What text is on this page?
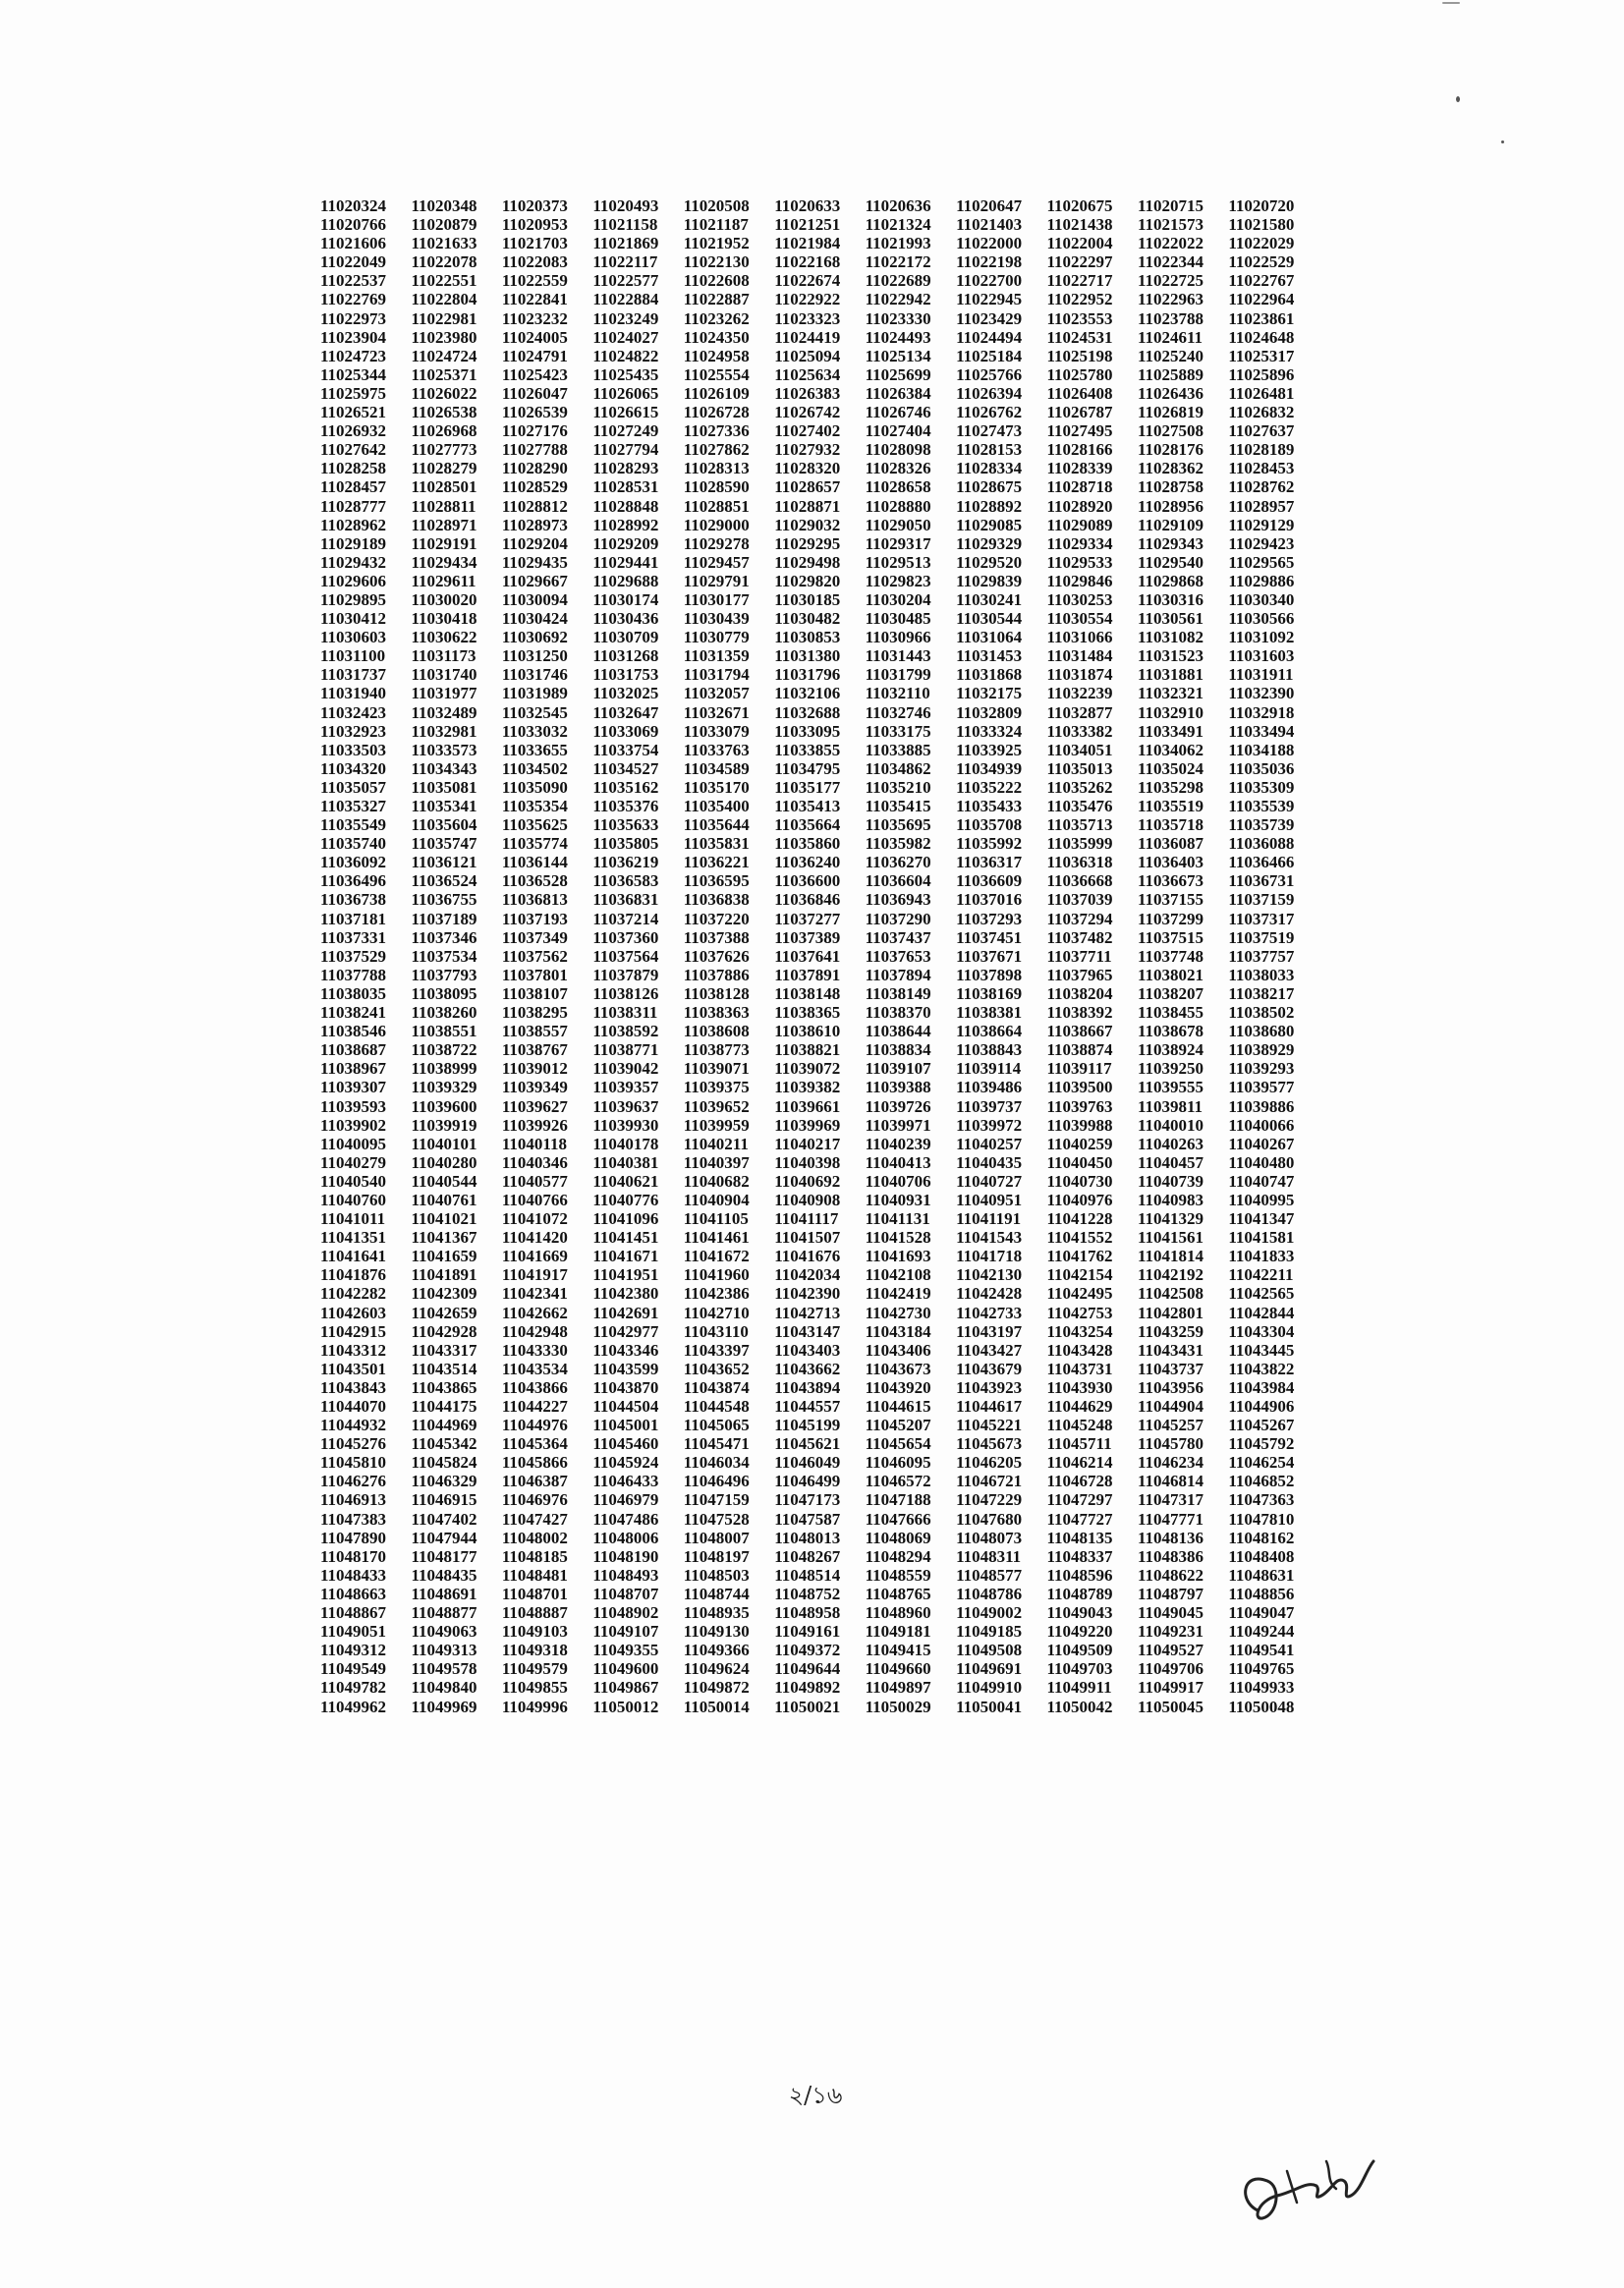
11020324	11020348	11020373	11020493	11020508	11020633	11020636	11020647	11020675	11020715	11020720
11020766	11020879	11020953	11021158	11021187	11021251	11021324	11021403	11021438	11021573	11021580
11021606	11021633	11021703	11021869	11021952	11021984	11021993	11022000	11022004	11022022	11022029
11022049	11022078	11022083	11022117	11022130	11022168	11022172	11022198	11022297	11022344	11022529
11022537	11022551	11022559	11022577	11022608	11022674	11022689	11022700	11022717	11022725	11022767
11022769	11022804	11022841	11022884	11022887	11022922	11022942	11022945	11022952	11022963	11022964
11022973	11022981	11023232	11023249	11023262	11023323	11023330	11023429	11023553	11023788	11023861
11023904	11023980	11024005	11024027	11024350	11024419	11024493	11024494	11024531	11024611	11024648
11024723	11024724	11024791	11024822	11024958	11025094	11025134	11025184	11025198	11025240	11025317
11025344	11025371	11025423	11025435	11025554	11025634	11025699	11025766	11025780	11025889	11025896
11025975	11026022	11026047	11026065	11026109	11026383	11026384	11026394	11026408	11026436	11026481
11026521	11026538	11026539	11026615	11026728	11026742	11026746	11026762	11026787	11026819	11026832
11026932	11026968	11027176	11027249	11027336	11027402	11027404	11027473	11027495	11027508	11027637
11027642	11027773	11027788	11027794	11027862	11027932	11028098	11028153	11028166	11028176	11028189
11028258	11028279	11028290	11028293	11028313	11028320	11028326	11028334	11028339	11028362	11028453
11028457	11028501	11028529	11028531	11028590	11028657	11028658	11028675	11028718	11028758	11028762
11028777	11028811	11028812	11028848	11028851	11028871	11028880	11028892	11028920	11028956	11028957
11028962	11028971	11028973	11028992	11029000	11029032	11029050	11029085	11029089	11029109	11029129
11029189	11029191	11029204	11029209	11029278	11029295	11029317	11029329	11029334	11029343	11029423
11029432	11029434	11029435	11029441	11029457	11029498	11029513	11029520	11029533	11029540	11029565
11029606	11029611	11029667	11029688	11029791	11029820	11029823	11029839	11029846	11029868	11029886
11029895	11030020	11030094	11030174	11030177	11030185	11030204	11030241	11030253	11030316	11030340
11030412	11030418	11030424	11030436	11030439	11030482	11030485	11030544	11030554	11030561	11030566
11030603	11030622	11030692	11030709	11030779	11030853	11030966	11031064	11031066	11031082	11031092
11031100	11031173	11031250	11031268	11031359	11031380	11031443	11031453	11031484	11031523	11031603
11031737	11031740	11031746	11031753	11031794	11031796	11031799	11031868	11031874	11031881	11031911
11031940	11031977	11031989	11032025	11032057	11032106	11032110	11032175	11032239	11032321	11032390
11032423	11032489	11032545	11032647	11032671	11032688	11032746	11032809	11032877	11032910	11032918
11032923	11032981	11033032	11033069	11033079	11033095	11033175	11033324	11033382	11033491	11033494
11033503	11033573	11033655	11033754	11033763	11033855	11033885	11033925	11034051	11034062	11034188
11034320	11034343	11034502	11034527	11034589	11034795	11034862	11034939	11035013	11035024	11035036
11035057	11035081	11035090	11035162	11035170	11035177	11035210	11035222	11035262	11035298	11035309
11035327	11035341	11035354	11035376	11035400	11035413	11035415	11035433	11035476	11035519	11035539
11035549	11035604	11035625	11035633	11035644	11035664	11035695	11035708	11035713	11035718	11035739
11035740	11035747	11035774	11035805	11035831	11035860	11035982	11035992	11035999	11036087	11036088
11036092	11036121	11036144	11036219	11036221	11036240	11036270	11036317	11036318	11036403	11036466
11036496	11036524	11036528	11036583	11036595	11036600	11036604	11036609	11036668	11036673	11036731
11036738	11036755	11036813	11036831	11036838	11036846	11036943	11037016	11037039	11037155	11037159
11037181	11037189	11037193	11037214	11037220	11037277	11037290	11037293	11037294	11037299	11037317
11037331	11037346	11037349	11037360	11037388	11037389	11037437	11037451	11037482	11037515	11037519
11037529	11037534	11037562	11037564	11037626	11037641	11037653	11037671	11037711	11037748	11037757
11037788	11037793	11037801	11037879	11037886	11037891	11037894	11037898	11037965	11038021	11038033
11038035	11038095	11038107	11038126	11038128	11038148	11038149	11038169	11038204	11038207	11038217
11038241	11038260	11038295	11038311	11038363	11038365	11038370	11038381	11038392	11038455	11038502
11038546	11038551	11038557	11038592	11038608	11038610	11038644	11038664	11038667	11038678	11038680
11038687	11038722	11038767	11038771	11038773	11038821	11038834	11038843	11038874	11038924	11038929
11038967	11038999	11039012	11039042	11039071	11039072	11039107	11039114	11039117	11039250	11039293
11039307	11039329	11039349	11039357	11039375	11039382	11039388	11039486	11039500	11039555	11039577
11039593	11039600	11039627	11039637	11039652	11039661	11039726	11039737	11039763	11039811	11039886
11039902	11039919	11039926	11039930	11039959	11039969	11039971	11039972	11039988	11040010	11040066
11040095	11040101	11040118	11040178	11040211	11040217	11040239	11040257	11040259	11040263	11040267
11040279	11040280	11040346	11040381	11040397	11040398	11040413	11040435	11040450	11040457	11040480
11040540	11040544	11040577	11040621	11040682	11040692	11040706	11040727	11040730	11040739	11040747
11040760	11040761	11040766	11040776	11040904	11040908	11040931	11040951	11040976	11040983	11040995
11041011	11041021	11041072	11041096	11041105	11041117	11041131	11041191	11041228	11041329	11041347
11041351	11041367	11041420	11041451	11041461	11041507	11041528	11041543	11041552	11041561	11041581
11041641	11041659	11041669	11041671	11041672	11041676	11041693	11041718	11041762	11041814	11041833
11041876	11041891	11041917	11041951	11041960	11042034	11042108	11042130	11042154	11042192	11042211
11042282	11042309	11042341	11042380	11042386	11042390	11042419	11042428	11042495	11042508	11042565
11042603	11042659	11042662	11042691	11042710	11042713	11042730	11042733	11042753	11042801	11042844
11042915	11042928	11042948	11042977	11043110	11043147	11043184	11043197	11043254	11043259	11043304
11043312	11043317	11043330	11043346	11043397	11043403	11043406	11043427	11043428	11043431	11043445
11043501	11043514	11043534	11043599	11043652	11043662	11043673	11043679	11043731	11043737	11043822
11043843	11043865	11043866	11043870	11043874	11043894	11043920	11043923	11043930	11043956	11043984
11044070	11044175	11044227	11044504	11044548	11044557	11044615	11044617	11044629	11044904	11044906
11044932	11044969	11044976	11045001	11045065	11045199	11045207	11045221	11045248	11045257	11045267
11045276	11045342	11045364	11045460	11045471	11045621	11045654	11045673	11045711	11045780	11045792
11045810	11045824	11045866	11045924	11046034	11046049	11046095	11046205	11046214	11046234	11046254
11046276	11046329	11046387	11046433	11046496	11046499	11046572	11046721	11046728	11046814	11046852
11046913	11046915	11046976	11046979	11047159	11047173	11047188	11047229	11047297	11047317	11047363
11047383	11047402	11047427	11047486	11047528	11047587	11047666	11047680	11047727	11047771	11047810
11047890	11047944	11048002	11048006	11048007	11048013	11048069	11048073	11048135	11048136	11048162
11048170	11048177	11048185	11048190	11048197	11048267	11048294	11048311	11048337	11048386	11048408
11048433	11048435	11048481	11048493	11048503	11048514	11048559	11048577	11048596	11048622	11048631
11048663	11048691	11048701	11048707	11048744	11048752	11048765	11048786	11048789	11048797	11048856
11048867	11048877	11048887	11048902	11048935	11048958	11048960	11049002	11049043	11049045	11049047
11049051	11049063	11049103	11049107	11049130	11049161	11049181	11049185	11049220	11049231	11049244
11049312	11049313	11049318	11049355	11049366	11049372	11049415	11049508	11049509	11049527	11049541
11049549	11049578	11049579	11049600	11049624	11049644	11049660	11049691	11049703	11049706	11049765
11049782	11049840	11049855	11049867	11049872	11049892	11049897	11049910	11049911	11049917	11049933
11049962	11049969	11049996	11050012	11050014	11050021	11050029	11050041	11050042	11050045	11050048
২/১৬
